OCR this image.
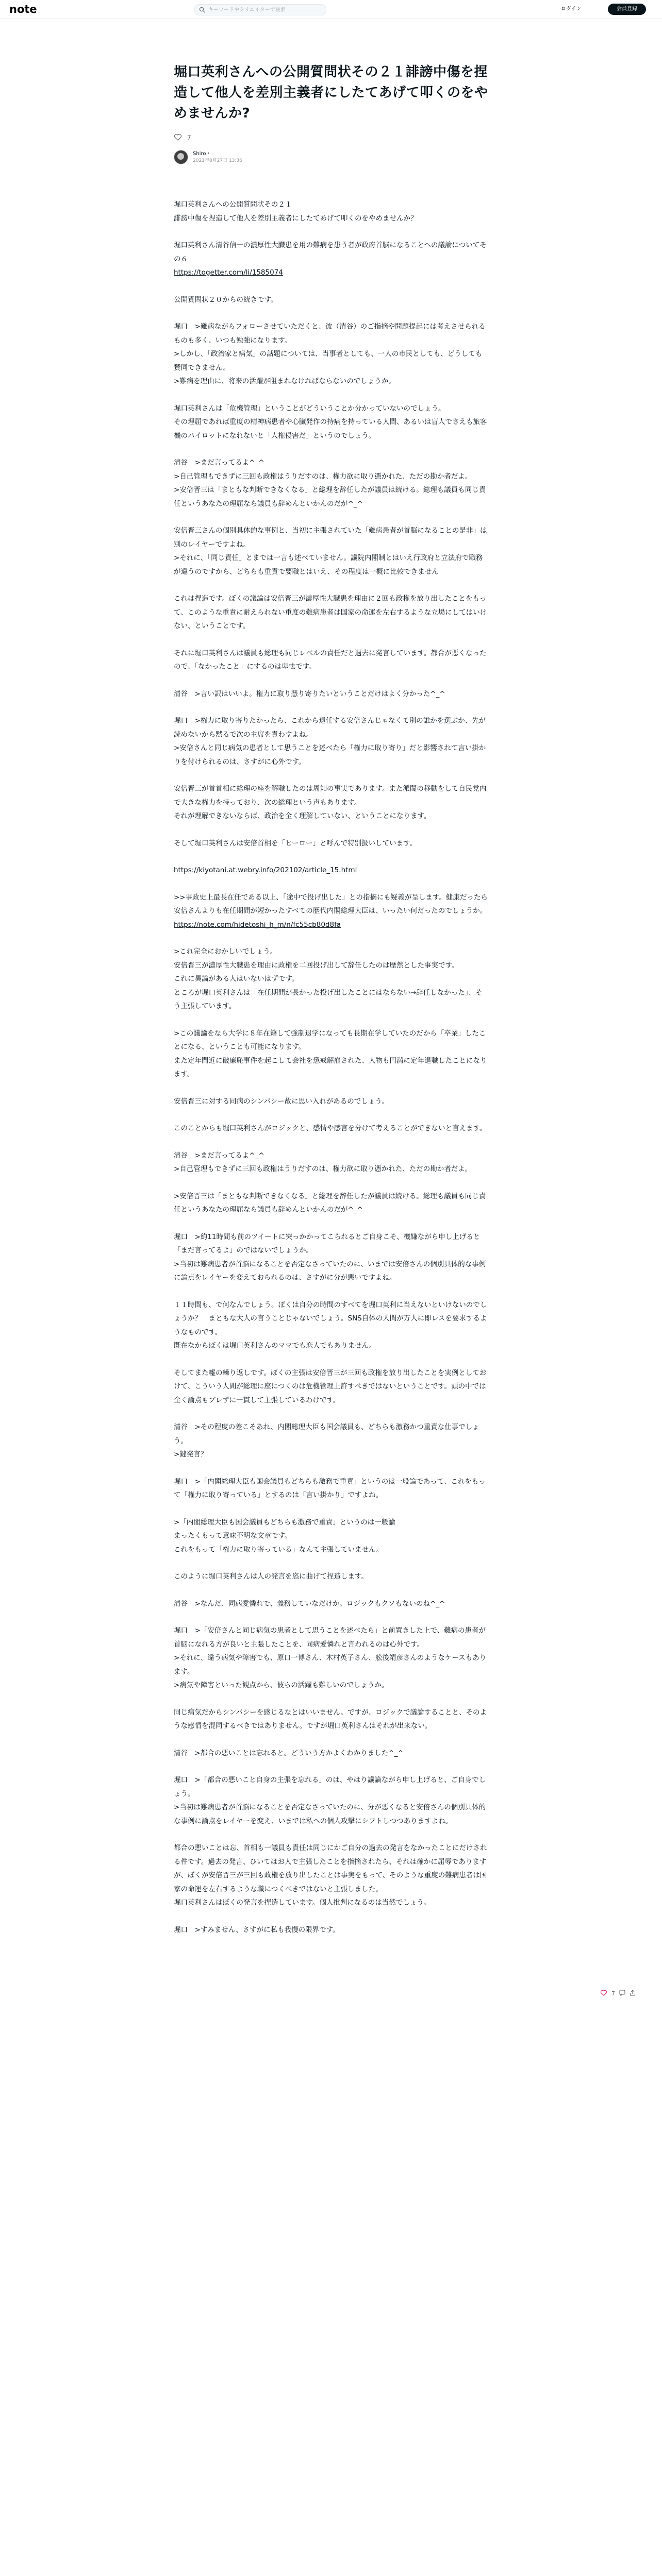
note
キーワードやクリエイターで検索	ログイン	会員登録
堀口英利さんへの公開質問状その２１誹謗中傷を捏造して他人を差別主義者にしたてあげて叩くのをやめませんか?
7
Shiro・
2021年8月27日 13:36

堀口英利さんへの公開質問状その２１
誹謗中傷を捏造して他人を差別主義者にしたてあげて叩くのをやめませんか？

堀口英利さん清谷信一の濃厚性大臓患を用の難病を患う者が政府首脳になることへの議論についてその６
https://togetter.com/li/1585074

公開質問状２０からの続きです。

堀口　>難病ながらフォローさせていただくと、彼（清谷）のご指摘や問題提起には考えさせられるものも多く、いつも勉強になります。
>しかし、「政治家と病気」の話題については、当事者としても、一人の市民としても、どうしても賛同できません。
>難病を理由に、将来の活躍が阻まれなければならないのでしょうか。

堀口英利さんは「危機管理」ということがどういうことか分かっていないのでしょう。
その理屈であれば重度の精神病患者や心臓発作の持病を持っている人間、あるいは盲人でさえも旅客機のパイロットになれないと「人権侵害だ」というのでしょう。

清谷　>まだ言ってるよ^_^
>自己管理もできずに三回も政権はうりだすのは、権力欲に取り憑かれた、ただの勘か者だよ。
>安倍晋三は「まともな判断できなくなる」と総理を辞任したが議員は続ける。総理も議員も同じ責任というあなたの理屈なら議員も辞めんといかんのだが^_^

安倍晋三さんの個別具体的な事例と、当初に主張されていた「難病患者が首脳になることの是非」は別のレイヤーですよね。
>それに、「同じ責任」とまでは一言も述べていません。議院内閣制とはいえ行政府と立法府で職務が違うのですから、どちらも重責で要職とはいえ、その程度は一概に比較できません

これは捏造です。ぼくの議論は安倍晋三が濃厚性大臓患を理由に２回も政権を放り出したことをもって、このような重責に耐えられない重度の難病患者は国家の命運を左右するような立場にしてはいけない、ということです。

それに堀口英利さんは議員も総理も同じレベルの責任だと過去に発言しています。都合が悪くなったので、「なかったこと」にするのは卑怯です。

清谷　>言い訳はいいよ。権力に取り憑り寄りたいということだけはよく分かった^_^

堀口　>権力に取り寄りたかったら、これから退任する安倍さんじゃなくて別の誰かを選ぶか、先が読めないから黙るで次の主席を責わすよね。
>安倍さんと同じ病気の患者として思うことを述べたら「権力に取り寄り」だと影響されて言い掛かりを付けられるのは、さすがに心外です。

安倍晋三が首首相に総理の座を解職したのは周知の事実であります。また派閥の移動をして自民党内で大きな権力を持っており、次の総理という声もあります。
それが理解できないならば、政治を全く理解していない、ということになります。

そして堀口英利さんは安倍首相を「ヒーロー」と呼んで特別扱いしています。

https://kiyotani.at.webry.info/202102/article_15.html

>>事政史上最長在任である以上、「途中で投げ出した」との指摘にも疑義が呈します。健康だったら安倍さんよりも在任期間が短かったすべての歴代内閣総理大臣は、いったい何だったのでしょうか。
https://note.com/hidetoshi_h_m/n/fc55cb80d8fa

>これ完全におかしいでしょう。
安倍晋三が濃厚性大臓患を理由に政権を二回投げ出して辞任したのは歴然とした事実です。
これに異論がある人はいないはずです。
ところが堀口英利さんは「在任期間が長かった投げ出したことにはならない→辞任しなかった」、そう主張しています。

>この議論をなら大学に８年在籍して強制退学になっても長期在学していたのだから「卒業」したことになる、ということも可能になります。
また定年間近に破廉恥事件を起こして会社を懲戒解雇された、人物も円満に定年退職したことになります。

安倍晋三に対する同病のシンパシー故に思い入れがあるのでしょう。

このことからも堀口英利さんがロジックと、感情や感言を分けて考えることができないと言えます。

清谷　>まだ言ってるよ^_^
>自己管理もできずに三回も政権はうりだすのは、権力欲に取り憑かれた、ただの勘か者だよ。

>安倍晋三は「まともな判断できなくなる」と総理を辞任したが議員は続ける。総理も議員も同じ責任というあなたの理屈なら議員も辞めんといかんのだが^_^

堀口　>約11時間も前のツイートに突っかかってこられるとご自身こそ、機嫌ながら申し上げると「まだ言ってるよ」のではないでしょうか。
>当初は難病患者が首脳になることを否定なさっていたのに、いまでは安倍さんの個別具体的な事例に論点をレイヤーを変えておられるのは、さすがに分が悪いですよね。

１１時間も、で何なんでしょう。ぼくは自分の時間のすべてを堀口英利に当えないといけないのでしょうか？　まともな大人の言うことじゃないでしょう。SNS自体の人間が万人に即レスを要求するようなものです。
既在なからぼくは堀口英利さんのママでも恋人でもありません。

そしてまた嘘の繰り返しです。ぼくの主張は安倍晋三が三回も政権を放り出したことを実例としておけて、こういう人間が総理に座につくのは危機管理上許すべきではないということです。頭の中では全く論点もブレずに一貫して主張しているわけです。

清谷　>その程度の差こそあれ、内閣総理大臣も国会議員も、どちらも激務かつ重責な仕事でしょう。
>鍵発言？

堀口　>「内閣総理大臣も国会議員もどちらも激務で重責」というのは一般論であって、これをもって「権力に取り寄っている」とするのは「言い掛かり」ですよね。

>「内閣総理大臣も国会議員もどちらも激務で重責」というのは一般論
まったくもって意味不明な文章です。
これをもって「権力に取り寄っている」なんて主張していません。

このように堀口英利さんは人の発言を恣に曲げて捏造します。

清谷　>なんだ、同病愛憐れで、義務していなだけか。ロジックもクソもないのね^_^

堀口　>「安倍さんと同じ病気の患者として思うことを述べたら」と前置きした上で、難病の患者が首脳になれる方が良いと主張したことを、同病愛憐れと言われるのは心外です。
>それに、違う病気や障害でも、原口一博さん、木村英子さん、舩後靖彦さんのようなケースもあります。
>病気や障害といった観点から、彼らの活躍も難しいのでしょうか。

同じ病気だからシンパシーを感じるなとはいいません。ですが、ロジックで議論することと、そのような感情を混同するべきではありません。ですが堀口英利さんはそれが出来ない。

清谷　>都合の悪いことは忘れると。どういう方かよくわかりました^_^

堀口　>「都合の悪いこと自身の主張を忘れる」のは、やはり議論ながら申し上げると、ご自身でしょう。
>当初は難病患者が首脳になることを否定なさっていたのに、分が悪くなると安倍さんの個別具体的な事例に論点をレイヤーを変え、いまでは私への個人攻撃にシフトしつつありますよね。

都合の悪いことは忘、首相も一議員も責任は同じにかご自分の過去の発言をなかったことにだけされる件です。過去の発言、ひいてはお人で主張したことを指摘されたら、それは確かに屈辱でありますが、ぼくが安倍晋三が三回も政権を放り出したことは事実をもって、そのような重度の難病患者は国家の命運を左右するような職につくべきではないと主張しました。
堀口英利さんはぼくの発言を捏造しています。個人批判になるのは当然でしょう。

堀口　>すみません、さすがに私も我慢の限界です。

7
